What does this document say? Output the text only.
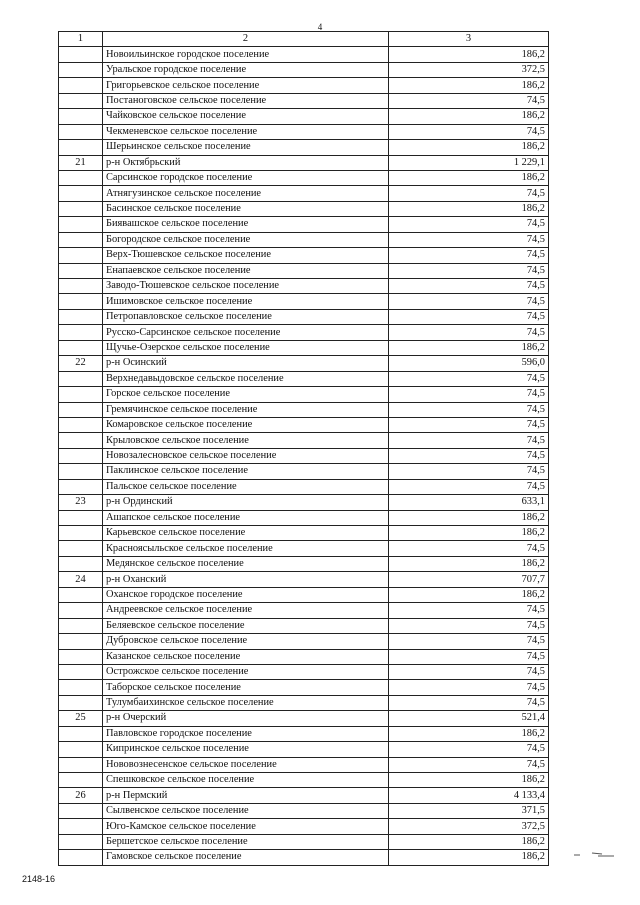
4
1	2	3
	Новоильинское городское поселение	186,2
	Уральское городское поселение	372,5
	Григорьевское сельское поселение	186,2
	Постаноговское сельское поселение	74,5
	Чайковское сельское поселение	186,2
	Чекменевское сельское поселение	74,5
	Шерьинское сельское поселение	186,2
21	р-н Октябрьский	1 229,1
	Сарсинское городское поселение	186,2
	Атнягузинское сельское поселение	74,5
	Басинское сельское поселение	186,2
	Биявашское сельское поселение	74,5
	Богородское сельское поселение	74,5
	Верх-Тюшевское сельское поселение	74,5
	Енапаевское сельское поселение	74,5
	Заводо-Тюшевское сельское поселение	74,5
	Ишимовское сельское поселение	74,5
	Петропавловское сельское поселение	74,5
	Русско-Сарсинское сельское поселение	74,5
	Щучье-Озерское сельское поселение	186,2
22	р-н Осинский	596,0
	Верхнедавыдовское сельское поселение	74,5
	Горское сельское поселение	74,5
	Гремячинское сельское поселение	74,5
	Комаровское сельское поселение	74,5
	Крыловское сельское поселение	74,5
	Новозалесновское сельское поселение	74,5
	Паклинское сельское поселение	74,5
	Пальское сельское поселение	74,5
23	р-н Ординский	633,1
	Ашапское сельское поселение	186,2
	Карьевское сельское поселение	186,2
	Красноясыльское сельское поселение	74,5
	Медянское сельское поселение	186,2
24	р-н Оханский	707,7
	Оханское городское поселение	186,2
	Андреевское сельское поселение	74,5
	Беляевское сельское поселение	74,5
	Дубровское сельское поселение	74,5
	Казанское сельское поселение	74,5
	Острожское сельское поселение	74,5
	Таборское сельское поселение	74,5
	Тулумбаихинское сельское поселение	74,5
25	р-н Очерский	521,4
	Павловское городское поселение	186,2
	Кипринское сельское поселение	74,5
	Нововознесенское сельское поселение	74,5
	Спешковское сельское поселение	186,2
26	р-н Пермский	4 133,4
	Сылвенское сельское поселение	371,5
	Юго-Камское сельское поселение	372,5
	Бершетское сельское поселение	186,2
	Гамовское сельское поселение	186,2
2148-16
